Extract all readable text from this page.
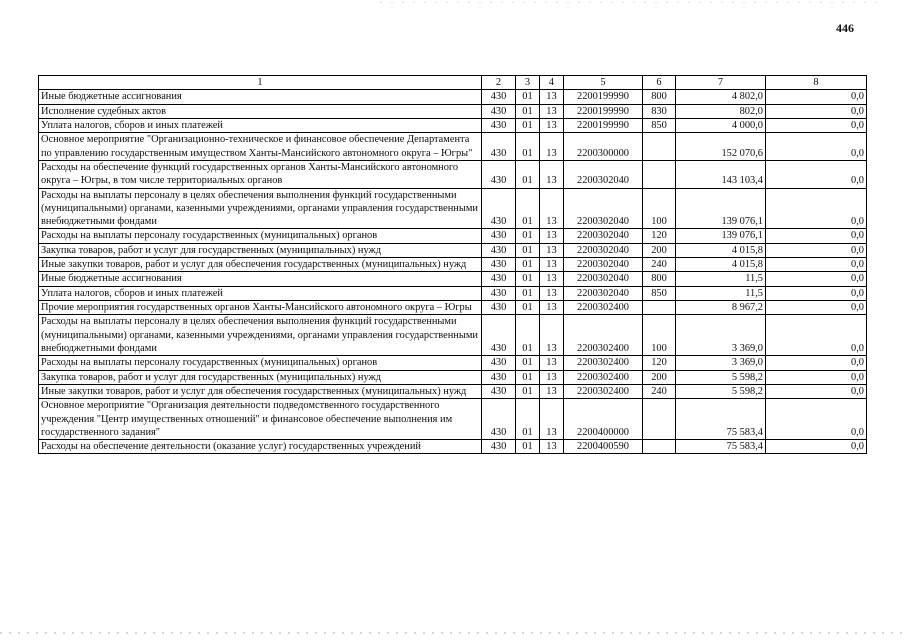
446
1	2	3	4	5	6	7	8
Иные бюджетные ассигнования	430	01	13	2200199990	800	4 802,0	0,0
Исполнение судебных актов	430	01	13	2200199990	830	802,0	0,0
Уплата налогов, сборов и иных платежей	430	01	13	2200199990	850	4 000,0	0,0
Основное мероприятие "Организационно-техническое и финансовое обеспечение Департамента по управлению государственным имуществом Ханты-Мансийского автономного округа – Югры"	430	01	13	2200300000		152 070,6	0,0
Расходы на обеспечение функций государственных органов Ханты-Мансийского автономного округа – Югры, в том числе территориальных органов	430	01	13	2200302040		143 103,4	0,0
Расходы на выплаты персоналу в целях обеспечения выполнения функций государственными (муниципальными) органами, казенными учреждениями, органами управления государственными внебюджетными фондами	430	01	13	2200302040	100	139 076,1	0,0
Расходы на выплаты персоналу государственных (муниципальных) органов	430	01	13	2200302040	120	139 076,1	0,0
Закупка товаров, работ и услуг для государственных (муниципальных) нужд	430	01	13	2200302040	200	4 015,8	0,0
Иные закупки товаров, работ и услуг для обеспечения государственных (муниципальных) нужд	430	01	13	2200302040	240	4 015,8	0,0
Иные бюджетные ассигнования	430	01	13	2200302040	800	11,5	0,0
Уплата налогов, сборов и иных платежей	430	01	13	2200302040	850	11,5	0,0
Прочие мероприятия государственных органов Ханты-Мансийского автономного округа – Югры	430	01	13	2200302400		8 967,2	0,0
Расходы на выплаты персоналу в целях обеспечения выполнения функций государственными (муниципальными) органами, казенными учреждениями, органами управления государственными внебюджетными фондами	430	01	13	2200302400	100	3 369,0	0,0
Расходы на выплаты персоналу государственных (муниципальных) органов	430	01	13	2200302400	120	3 369,0	0,0
Закупка товаров, работ и услуг для государственных (муниципальных) нужд	430	01	13	2200302400	200	5 598,2	0,0
Иные закупки товаров, работ и услуг для обеспечения государственных (муниципальных) нужд	430	01	13	2200302400	240	5 598,2	0,0
Основное мероприятие "Организация деятельности подведомственного государственного учреждения "Центр имущественных отношений" и финансовое обеспечение выполнения им государственного задания"	430	01	13	2200400000		75 583,4	0,0
Расходы на обеспечение деятельности (оказание услуг) государственных учреждений	430	01	13	2200400590		75 583,4	0,0
